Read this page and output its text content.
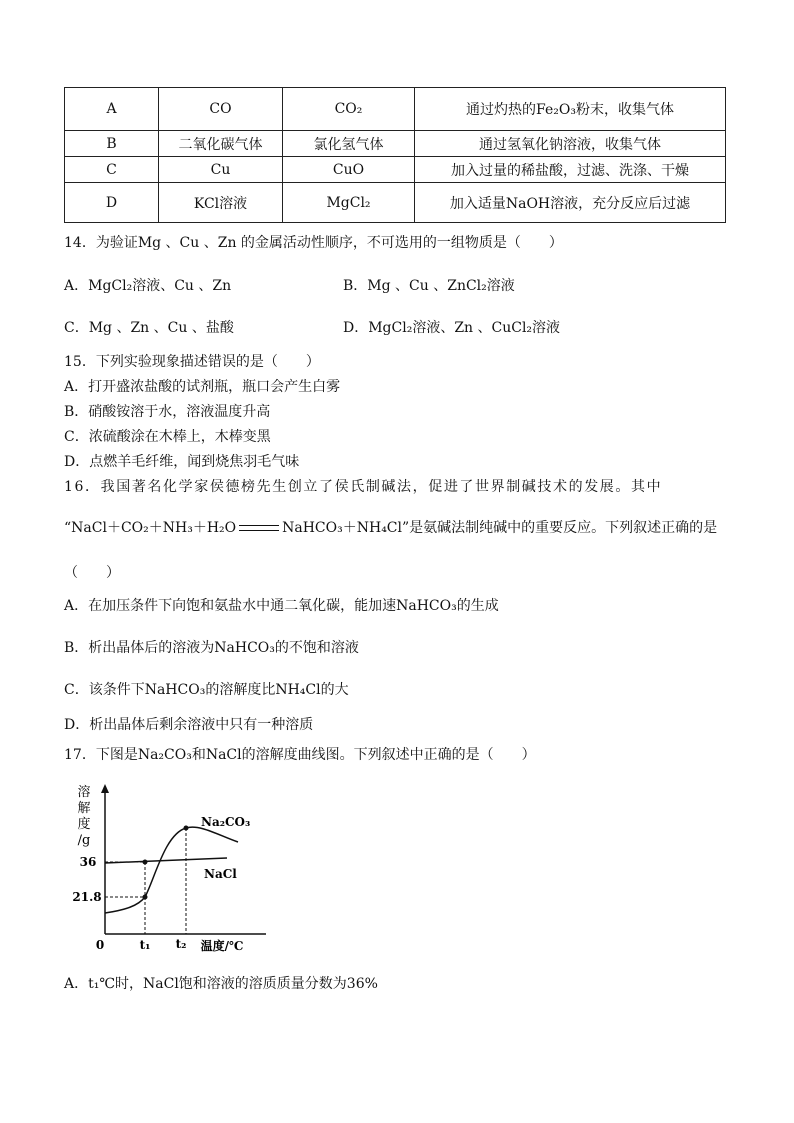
A	CO	CO₂	通过灼热的Fe₂O₃粉末，收集气体
B	二氧化碳气体	氯化氢气体	通过氢氧化钠溶液，收集气体
C	Cu	CuO	加入过量的稀盐酸，过滤、洗涤、干燥
D	KCl溶液	MgCl₂	加入适量NaOH溶液，充分反应后过滤
14．为验证Mg 、Cu 、Zn 的金属活动性顺序，不可选用的一组物质是（　　）
A．MgCl₂溶液、Cu 、Zn	B．Mg 、Cu 、ZnCl₂溶液
C．Mg 、Zn 、Cu 、盐酸	D．MgCl₂溶液、Zn 、CuCl₂溶液
15．下列实验现象描述错误的是（　　）
A．打开盛浓盐酸的试剂瓶，瓶口会产生白雾
B．硝酸铵溶于水，溶液温度升高
C．浓硫酸涂在木棒上，木棒变黑
D．点燃羊毛纤维，闻到烧焦羽毛气味
16．我国著名化学家侯德榜先生创立了侯氏制碱法，促进了世界制碱技术的发展。其中
“NaCl＋CO₂＋NH₃＋H₂O	NaHCO₃＋NH₄Cl”是氨碱法制纯碱中的重要反应。下列叙述正确的是
（　　）
A．在加压条件下向饱和氨盐水中通二氧化碳，能加速NaHCO₃的生成
B．析出晶体后的溶液为NaHCO₃的不饱和溶液
C．该条件下NaHCO₃的溶解度比NH₄Cl的大
D．析出晶体后剩余溶液中只有一种溶质
17．下图是Na₂CO₃和NaCl的溶解度曲线图。下列叙述中正确的是（　　）
溶
解
度
/g
36
21.8
0	t₁ t₂ 温度/℃
Na₂CO₃
NaCl
A．t₁℃时，NaCl饱和溶液的溶质质量分数为36%
